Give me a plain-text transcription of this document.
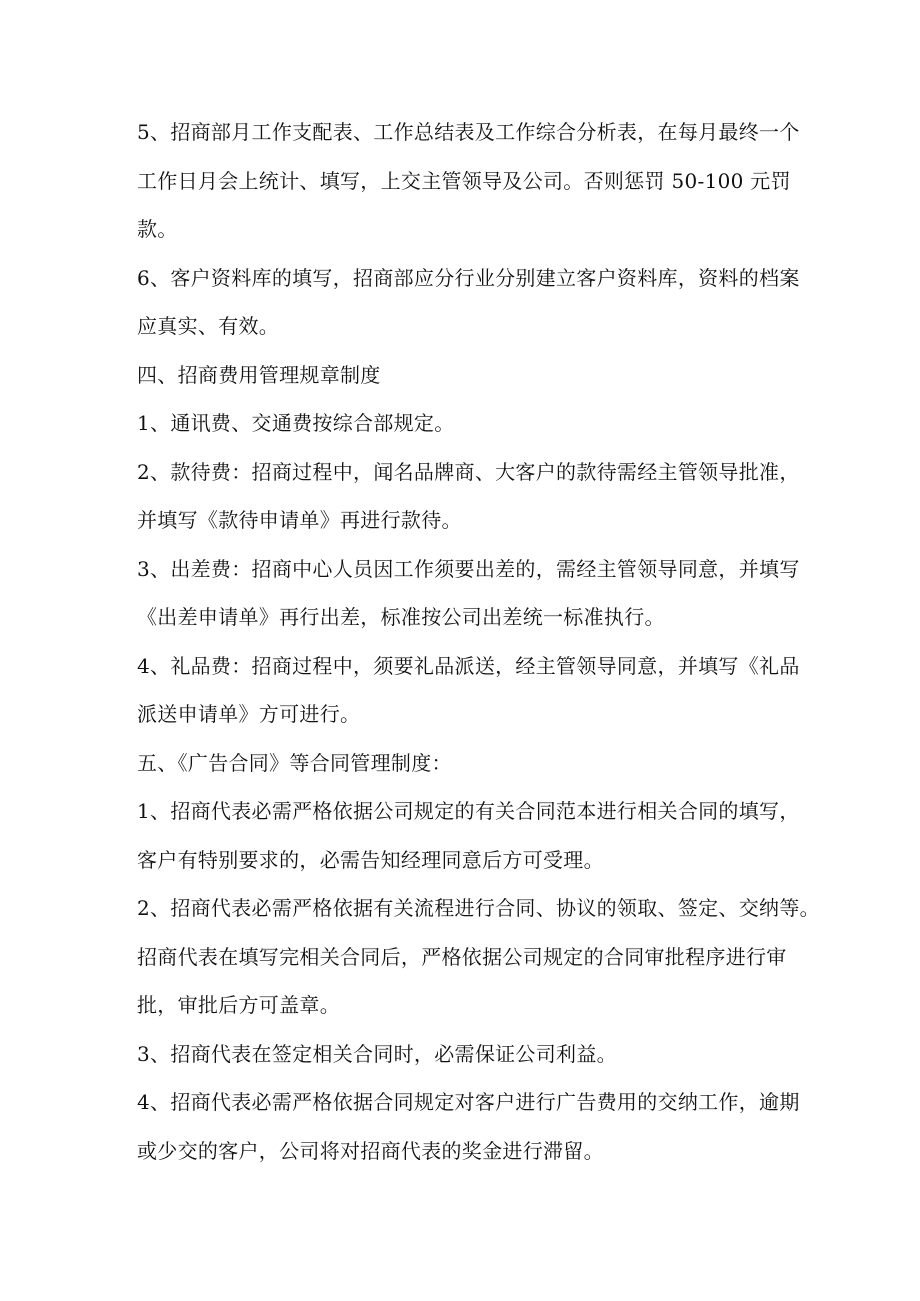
5、招商部月工作支配表、工作总结表及工作综合分析表，在每月最终一个
工作日月会上统计、填写，上交主管领导及公司。否则惩罚 50-100 元罚
款。
6、客户资料库的填写，招商部应分行业分别建立客户资料库，资料的档案
应真实、有效。
四、招商费用管理规章制度
1、通讯费、交通费按综合部规定。
2、款待费：招商过程中，闻名品牌商、大客户的款待需经主管领导批准，
并填写《款待申请单》再进行款待。
3、出差费：招商中心人员因工作须要出差的，需经主管领导同意，并填写
《出差申请单》再行出差，标准按公司出差统一标准执行。
4、礼品费：招商过程中，须要礼品派送，经主管领导同意，并填写《礼品
派送申请单》方可进行。
五、《广告合同》等合同管理制度：
1、招商代表必需严格依据公司规定的有关合同范本进行相关合同的填写，
客户有特别要求的，必需告知经理同意后方可受理。
2、招商代表必需严格依据有关流程进行合同、协议的领取、签定、交纳等。
招商代表在填写完相关合同后，严格依据公司规定的合同审批程序进行审
批，审批后方可盖章。
3、招商代表在签定相关合同时，必需保证公司利益。
4、招商代表必需严格依据合同规定对客户进行广告费用的交纳工作，逾期
或少交的客户，公司将对招商代表的奖金进行滞留。
